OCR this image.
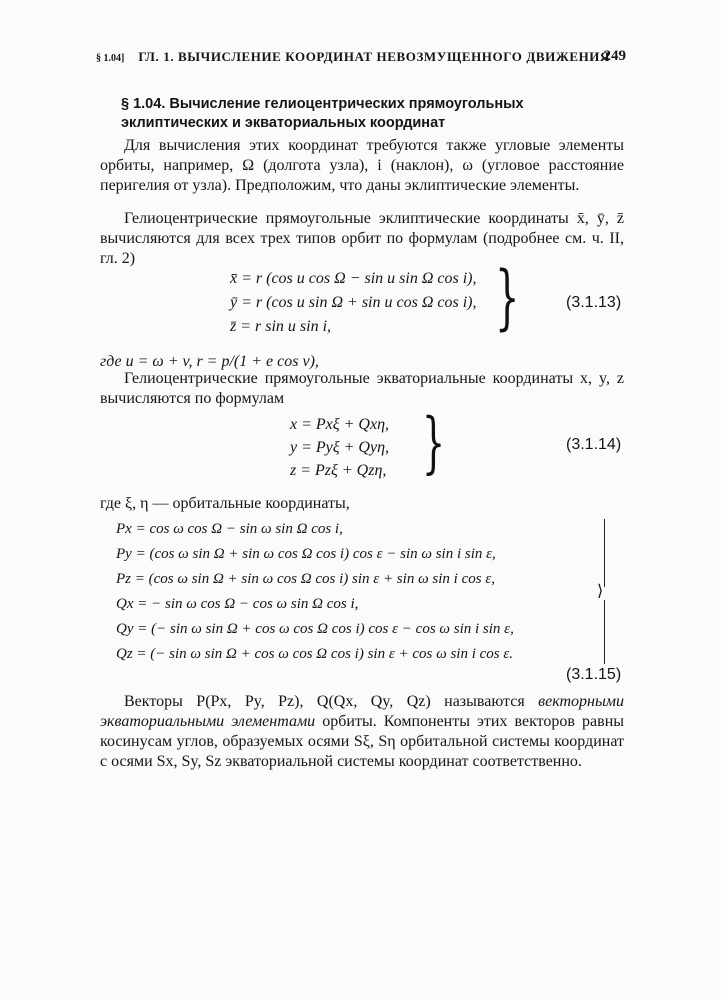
§ 1.04] ГЛ. 1. ВЫЧИСЛЕНИЕ КООРДИНАТ НЕВОЗМУЩЕННОГО ДВИЖЕНИЯ
249
§ 1.04. Вычисление гелиоцентрических прямоугольных
эклиптических и экваториальных координат
Для вычисления этих координат требуются также угловые элементы орбиты, например, Ω (долгота узла), i (наклон), ω (угловое расстояние перигелия от узла). Предположим, что даны эклиптические элементы.
Гелиоцентрические прямоугольные эклиптические координаты x̄, ȳ, z̄ вычисляются для всех трех типов орбит по формулам (подробнее см. ч. II, гл. 2)
x̄ = r (cos u cos Ω − sin u sin Ω cos i),
ȳ = r (cos u sin Ω + sin u cos Ω cos i),
z̄ = r sin u sin i, }	(3.1.13)
где u = ω + v, r = p/(1 + e cos v),
Гелиоцентрические прямоугольные экваториальные координаты x, y, z вычисляются по формулам
x = Pxξ + Qxη,
y = Pyξ + Qyη,
z = Pzξ + Qzη, }	(3.1.14)
где ξ, η — орбитальные координаты,
Px = cos ω cos Ω − sin ω sin Ω cos i,
Py = (cos ω sin Ω + sin ω cos Ω cos i) cos ε − sin ω sin i sin ε,
Pz = (cos ω sin Ω + sin ω cos Ω cos i) sin ε + sin ω sin i cos ε,
Qx = − sin ω cos Ω − cos ω sin Ω cos i,
Qy = (− sin ω sin Ω + cos ω cos Ω cos i) cos ε − cos ω sin i sin ε,
Qz = (− sin ω sin Ω + cos ω cos Ω cos i) sin ε + cos ω sin i cos ε.
⟩
(3.1.15)
Векторы P(Px, Py, Pz), Q(Qx, Qy, Qz) называются векторными экваториальными элементами орбиты. Компоненты этих векторов равны косинусам углов, образуемых осями Sξ, Sη орбитальной системы координат с осями Sx, Sy, Sz экваториальной системы координат соответственно.
